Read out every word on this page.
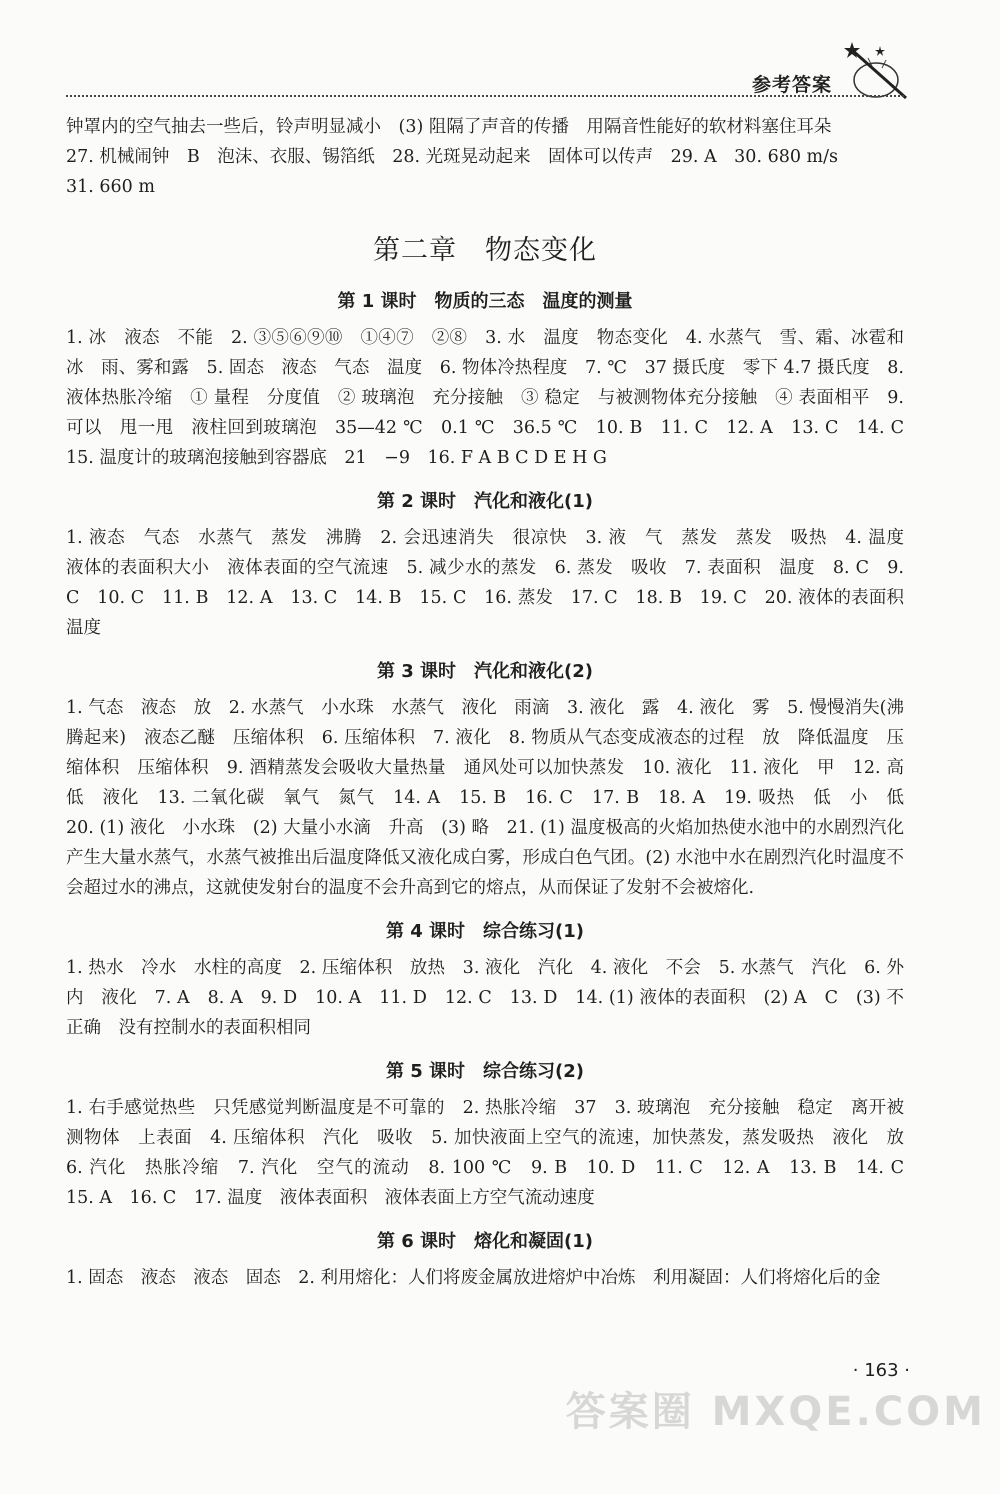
参考答案

钟罩内的空气抽去一些后，铃声明显减小　(3) 阻隔了声音的传播　用隔音性能好的软材料塞住耳朵

27. 机械闹钟　B　泡沫、衣服、锡箔纸　28. 光斑晃动起来　固体可以传声　29. A　30. 680 m/s

31. 660 m

第二章　物态变化
第 1 课时　物质的三态　温度的测量

1. 冰　液态　不能　2. ③⑤⑥⑨⑩　①④⑦　②⑧　3. 水　温度　物态变化　4. 水蒸气　雪、霜、冰雹和冰　雨、雾和露　5. 固态　液态　气态　温度　6. 物体冷热程度　7. ℃　37 摄氏度　零下 4.7 摄氏度　8. 液体热胀冷缩　① 量程　分度值　② 玻璃泡　充分接触　③ 稳定　与被测物体充分接触　④ 表面相平　9. 可以　甩一甩　液柱回到玻璃泡　35—42 ℃　0.1 ℃　36.5 ℃　10. B　11. C　12. A　13. C　14. C　15. 温度计的玻璃泡接触到容器底　21　−9　16. F A B C D E H G

第 2 课时　汽化和液化(1)

1. 液态　气态　水蒸气　蒸发　沸腾　2. 会迅速消失　很凉快　3. 液　气　蒸发　蒸发　吸热　4. 温度　液体的表面积大小　液体表面的空气流速　5. 减少水的蒸发　6. 蒸发　吸收　7. 表面积　温度　8. C　9. C　10. C　11. B　12. A　13. C　14. B　15. C　16. 蒸发　17. C　18. B　19. C　20. 液体的表面积　温度

第 3 课时　汽化和液化(2)

1. 气态　液态　放　2. 水蒸气　小水珠　水蒸气　液化　雨滴　3. 液化　露　4. 液化　雾　5. 慢慢消失(沸腾起来)　液态乙醚　压缩体积　6. 压缩体积　7. 液化　8. 物质从气态变成液态的过程　放　降低温度　压缩体积　压缩体积　9. 酒精蒸发会吸收大量热量　通风处可以加快蒸发　10. 液化　11. 液化　甲　12. 高　低　液化　13. 二氧化碳　氧气　氮气　14. A　15. B　16. C　17. B　18. A　19. 吸热　低　小　低　20. (1) 液化　小水珠　(2) 大量小水滴　升高　(3) 略　21. (1) 温度极高的火焰加热使水池中的水剧烈汽化产生大量水蒸气，水蒸气被推出后温度降低又液化成白雾，形成白色气团。(2) 水池中水在剧烈汽化时温度不会超过水的沸点，这就使发射台的温度不会升高到它的熔点，从而保证了发射不会被熔化.

第 4 课时　综合练习(1)

1. 热水　冷水　水柱的高度　2. 压缩体积　放热　3. 液化　汽化　4. 液化　不会　5. 水蒸气　汽化　6. 外　内　液化　7. A　8. A　9. D　10. A　11. D　12. C　13. D　14. (1) 液体的表面积　(2) A　C　(3) 不正确　没有控制水的表面积相同

第 5 课时　综合练习(2)

1. 右手感觉热些　只凭感觉判断温度是不可靠的　2. 热胀冷缩　37　3. 玻璃泡　充分接触　稳定　离开被测物体　上表面　4. 压缩体积　汽化　吸收　5. 加快液面上空气的流速，加快蒸发，蒸发吸热　液化　放　6. 汽化　热胀冷缩　7. 汽化　空气的流动　8. 100 ℃　9. B　10. D　11. C　12. A　13. B　14. C　15. A　16. C　17. 温度　液体表面积　液体表面上方空气流动速度

第 6 课时　熔化和凝固(1)

1. 固态　液态　液态　固态　2. 利用熔化：人们将废金属放进熔炉中冶炼　利用凝固：人们将熔化后的金

· 163 ·
答案圈 MXQE.COM
